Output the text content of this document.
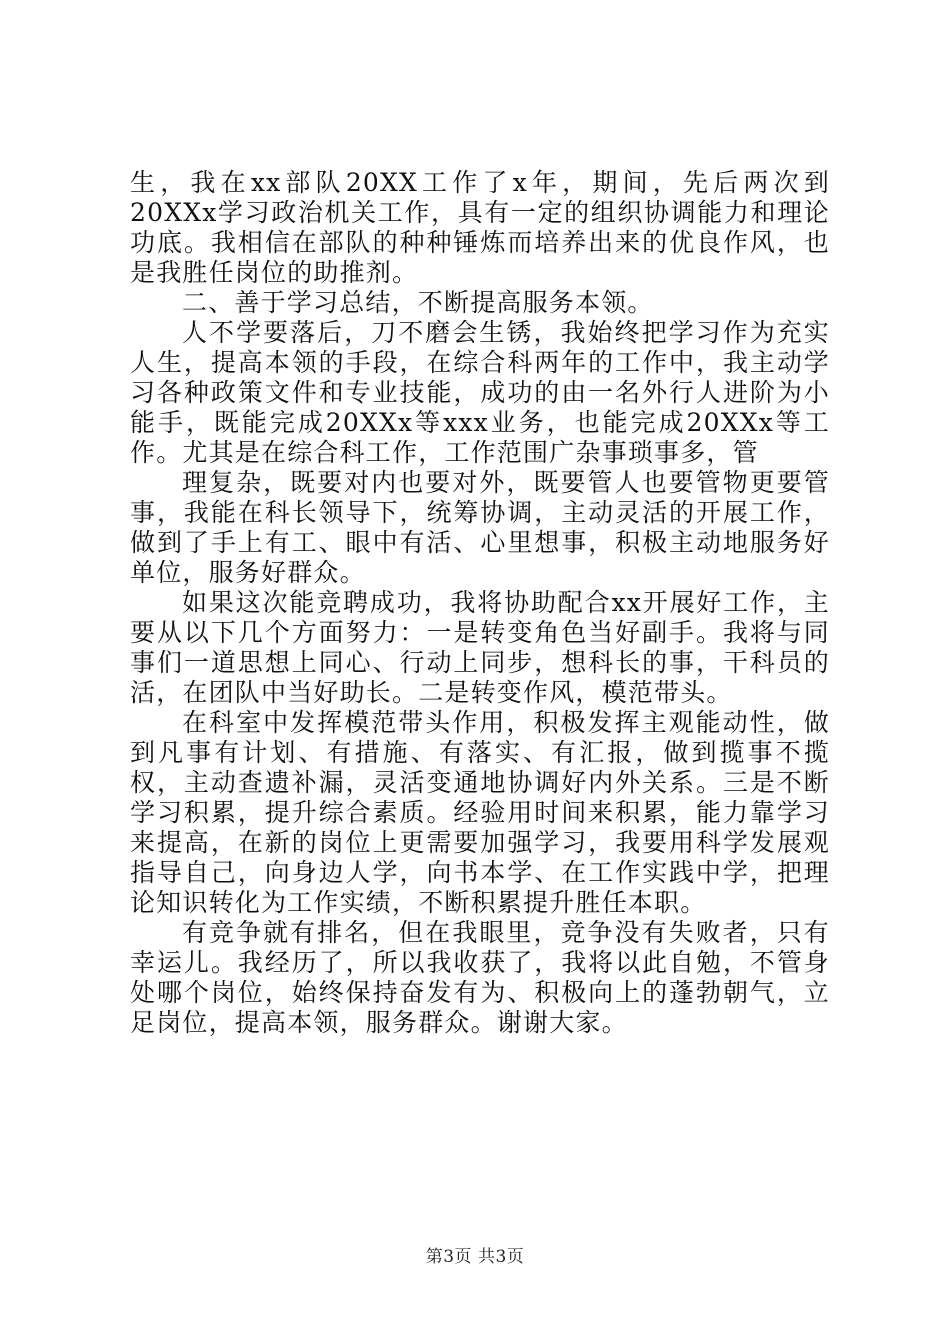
生，我在xx部队20XX工作了x年，期间，先后两次到20XXx学习政治机关工作，具有一定的组织协调能力和理论功底。我相信在部队的种种锤炼而培养出来的优良作风，也是我胜任岗位的助推剂。

二、善于学习总结，不断提高服务本领。

人不学要落后，刀不磨会生锈，我始终把学习作为充实人生，提高本领的手段，在综合科两年的工作中，我主动学习各种政策文件和专业技能，成功的由一名外行人进阶为小能手，既能完成20XXx等xxx业务，也能完成20XXx等工作。尤其是在综合科工作，工作范围广杂事琐事多，管

理复杂，既要对内也要对外，既要管人也要管物更要管事，我能在科长领导下，统筹协调，主动灵活的开展工作，做到了手上有工、眼中有活、心里想事，积极主动地服务好单位，服务好群众。

如果这次能竞聘成功，我将协助配合xx开展好工作，主要从以下几个方面努力：一是转变角色当好副手。我将与同事们一道思想上同心、行动上同步，想科长的事，干科员的活，在团队中当好助长。二是转变作风，模范带头。

在科室中发挥模范带头作用，积极发挥主观能动性，做到凡事有计划、有措施、有落实、有汇报，做到揽事不揽权，主动查遗补漏，灵活变通地协调好内外关系。三是不断学习积累，提升综合素质。经验用时间来积累，能力靠学习来提高，在新的岗位上更需要加强学习，我要用科学发展观指导自己，向身边人学，向书本学、在工作实践中学，把理论知识转化为工作实绩，不断积累提升胜任本职。

有竞争就有排名，但在我眼里，竞争没有失败者，只有幸运儿。我经历了，所以我收获了，我将以此自勉，不管身处哪个岗位，始终保持奋发有为、积极向上的蓬勃朝气，立足岗位，提高本领，服务群众。谢谢大家。

第3页 共3页
